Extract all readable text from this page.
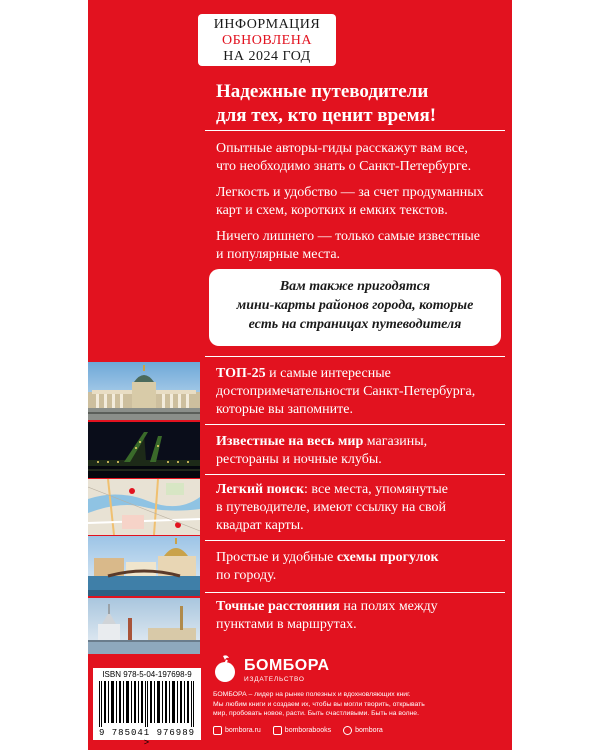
ИНФОРМАЦИЯ
ОБНОВЛЕНА
НА 2024 ГОД
Надежные путеводители
для тех, кто ценит время!
Опытные авторы-гиды расскажут вам все,
что необходимо знать о Санкт-Петербурге.
Легкость и удобство — за счет продуманных
карт и схем, коротких и емких текстов.
Ничего лишнего — только самые известные
и популярные места.
Вам также пригодятся
мини-карты районов города, которые
есть на страницах путеводителя
ТОП-25 и самые интересные
достопримечательности Санкт-Петербурга,
которые вы запомните.
Известные на весь мир магазины,
рестораны и ночные клубы.
Легкий поиск: все места, упомянутые
в путеводителе, имеют ссылку на свой
квадрат карты.
Простые и удобные схемы прогулок
по городу.
Точные расстояния на полях между
пунктами в маршрутах.
ISBN 978-5-04-197698-9
9 785041 976989 >
БОМБОРА
ИЗДАТЕЛЬСТВО
БОМБОРА – лидер на рынке полезных и вдохновляющих книг.
Мы любим книги и создаем их, чтобы вы могли творить, открывать
мир, пробовать новое, расти. Быть счастливыми. Быть на волне.
bombora.ru	bomborabooks	bombora
